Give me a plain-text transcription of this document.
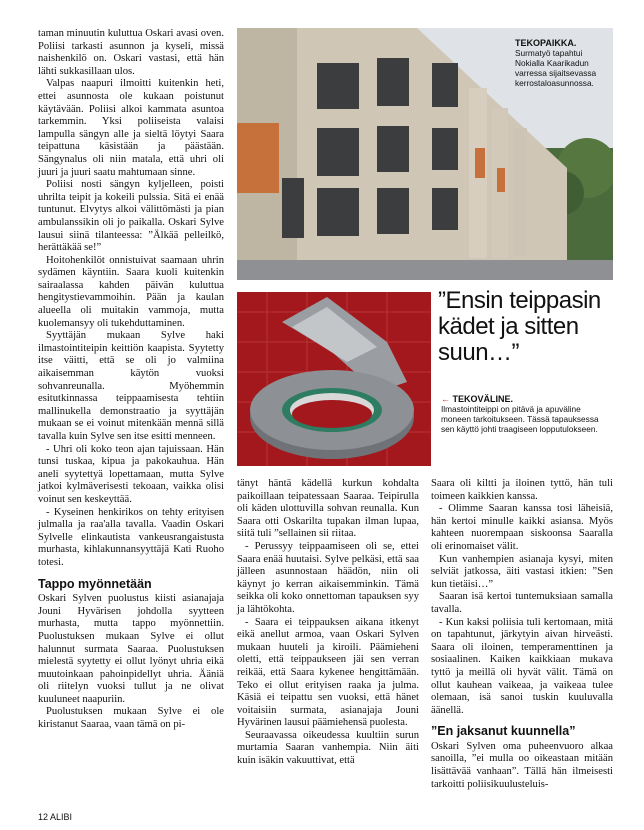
taman minuutin kuluttua Oskari avasi oven. Poliisi tarkasti asunnon ja kyseli, missä naishenkilö on. Oskari vastasi, että hän lähti sukkasillaan ulos.

Valpas naapuri ilmoitti kuitenkin heti, ettei asunnosta ole kukaan poistunut käytävään. Poliisi alkoi kammata asuntoa tarkemmin. Yksi poliiseista valaisi lampulla sängyn alle ja sieltä löytyi Saara teipattuna käsistään ja päästään. Sängynalus oli niin matala, että uhri oli juuri ja juuri saatu mahtumaan sinne.

Poliisi nosti sängyn kyljelleen, poisti uhrilta teipit ja kokeili pulssia. Sitä ei enää tuntunut. Elvytys alkoi välittömästi ja pian ambulanssikin oli jo paikalla. Oskari Sylve lausui siinä tilanteessa: ”Älkää pelleilkö, herättäkää se!”

Hoitohenkilöt onnistuivat saamaan uhrin sydämen käyntiin. Saara kuoli kuitenkin sairaalassa kahden päivän kuluttua hengitystievammoihin. Pään ja kaulan alueella oli muitakin vammoja, mutta kuolemansyy oli tukehduttaminen.

Syyttäjän mukaan Sylve haki ilmastointiteipin keittiön kaapista. Syytetty itse väitti, että se oli jo valmiina aikaisemman käytön vuoksi sohvanreunalla. Myöhemmin esitutkinnassa teippaamisesta tehtiin mallinukella demonstraatio ja syyttäjän mukaan se ei voinut mitenkään mennä sillä tavalla kuin Sylve sen itse esitti menneen.

- Uhri oli koko teon ajan tajuissaan. Hän tunsi tuskaa, kipua ja pakokauhua. Hän aneli syytettyä lopettamaan, mutta Sylve jatkoi kylmäverisesti tekoaan, vaikka olisi voinut sen keskeyttää.

- Kyseinen henkirikos on tehty erityisen julmalla ja raa'alla tavalla. Vaadin Oskari Sylvelle elinkautista vankeusrangaistusta murhasta, kihlakunnansyyttäjä Kati Ruoho totesi.

Tappo myönnetään

Oskari Sylven puolustus kiisti asianajaja Jouni Hyvärisen johdolla syytteen murhasta, mutta tappo myönnettiin. Puolustuksen mukaan Sylve ei ollut halunnut surmata Saaraa. Puolustuksen mielestä syytetty ei ollut lyönyt uhria eikä muutoinkaan pahoinpidellyt uhria. Ääniä oli riitelyn vuoksi tullut ja ne olivat kuuluneet naapuriin.

Puolustuksen mukaan Sylve ei ole kiristanut Saaraa, vaan tämä on pi-

TEKOPAIKKA.
Surmatyö tapahtui Nokialla Kaarikadun varressa sijaitsevassa kerrostaloasunnossa.
”Ensin teippasin kädet ja sitten suun…”
← TEKOVÄLINE.
Ilmastointiteippi on pitävä ja apuväline moneen tarkoitukseen. Tässä tapauksessa sen käyttö johti traagiseen lopputulokseen.

tänyt häntä kädellä kurkun kohdalta paikoillaan teipatessaan Saaraa. Teipirulla oli käden ulottuvilla sohvan reunalla. Kun Saara otti Oskarilta tupakan ilman lupaa, siitä tuli ”sellainen sii riitaa.

- Perussyy teippaamiseen oli se, ettei Saara enää huutaisi. Sylve pelkäsi, että saa jälleen asunnostaan häädön, niin oli käynyt jo kerran aikaisemminkin. Tämä seikka oli koko onnettoman tapauksen syy ja lähtökohta.

- Saara ei teippauksen aikana itkenyt eikä anellut armoa, vaan Oskari Sylven mukaan huuteli ja kiroili. Päämieheni oletti, että teippaukseen jäi sen verran reikää, että Saara kykenee hengittämään. Teko ei ollut erityisen raaka ja julma. Käsiä ei teipattu sen vuoksi, että hänet voitaisiin surmata, asianajaja Jouni Hyvärinen lausui päämiehensä puolesta.

Seuraavassa oikeudessa kuultiin surun murtamia Saaran vanhempia. Niin äiti kuin isäkin vakuuttivat, että

Saara oli kiltti ja iloinen tyttö, hän tuli toimeen kaikkien kanssa.

- Olimme Saaran kanssa tosi läheisiä, hän kertoi minulle kaikki asiansa. Myös kahteen nuorempaan siskoonsa Saaralla oli erinomaiset välit.

Kun vanhempien asianaja kysyi, miten selviät jatkossa, äiti vastasi itkien: ”Sen kun tietäisi…”

Saaran isä kertoi tuntemuksiaan samalla tavalla.

- Kun kaksi poliisia tuli kertomaan, mitä on tapahtunut, järkytyin aivan hirveästi. Saara oli iloinen, temperamenttinen ja sosiaalinen. Kaiken kaikkiaan mukava tyttö ja meillä oli hyvät välit. Tämä on ollut kauhean vaikeaa, ja vaikeaa tulee olemaan, isä sanoi tuskin kuuluvalla äänellä.

”En jaksanut kuunnella”

Oskari Sylven oma puheenvuoro alkaa sanoilla, ”ei mulla oo oikeastaan mitään lisättävää vanhaan”. Tällä hän ilmeisesti tarkoitti poliisikuulusteluis-

12 ALIBI
